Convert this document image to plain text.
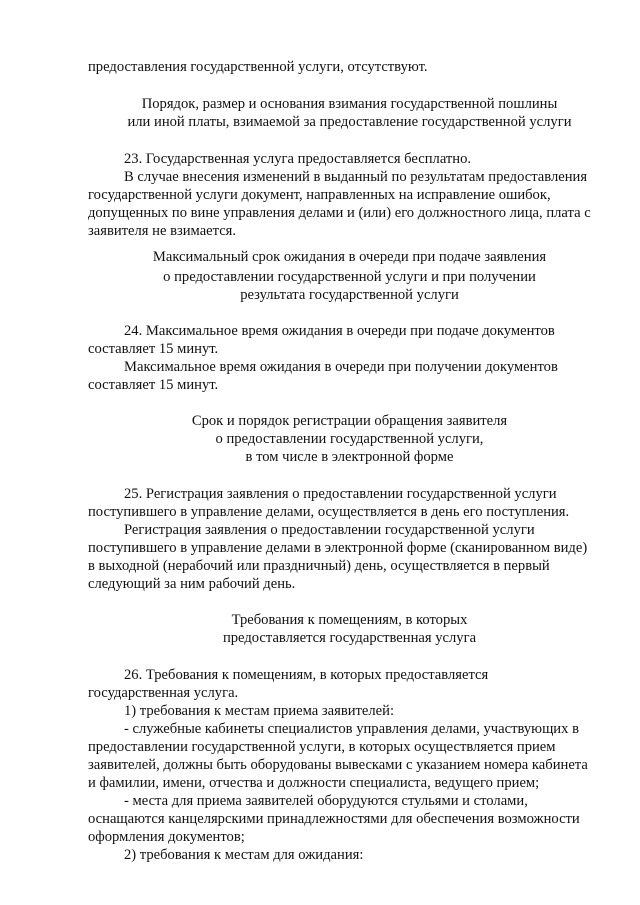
предоставления государственной услуги, отсутствуют.
Порядок, размер и основания взимания государственной пошлины
или иной платы, взимаемой за предоставление государственной услуги
23. Государственная услуга предоставляется бесплатно.
В случае внесения изменений в выданный по результатам предоставления
государственной услуги документ, направленных на исправление ошибок,
допущенных по вине управления делами и (или) его должностного лица, плата с
заявителя не взимается.
Максимальный срок ожидания в очереди при подаче заявления
о предоставлении государственной услуги и при получении
результата государственной услуги
24. Максимальное время ожидания в очереди при подаче документов
составляет 15 минут.
Максимальное время ожидания в очереди при получении документов
составляет 15 минут.
Срок и порядок регистрации обращения заявителя
о предоставлении государственной услуги,
в том числе в электронной форме
25. Регистрация заявления о предоставлении государственной услуги
поступившего в управление делами, осуществляется в день его поступления.
Регистрация заявления о предоставлении государственной услуги
поступившего в управление делами в электронной форме (сканированном виде)
в выходной (нерабочий или праздничный) день, осуществляется в первый
следующий за ним рабочий день.
Требования к помещениям, в которых
предоставляется государственная услуга
26. Требования к помещениям, в которых предоставляется
государственная услуга.
1) требования к местам приема заявителей:
- служебные кабинеты специалистов управления делами, участвующих в
предоставлении государственной услуги, в которых осуществляется прием
заявителей, должны быть оборудованы вывесками с указанием номера кабинета
и фамилии, имени, отчества и должности специалиста, ведущего прием;
- места для приема заявителей оборудуются стульями и столами,
оснащаются канцелярскими принадлежностями для обеспечения возможности
оформления документов;
2) требования к местам для ожидания:
